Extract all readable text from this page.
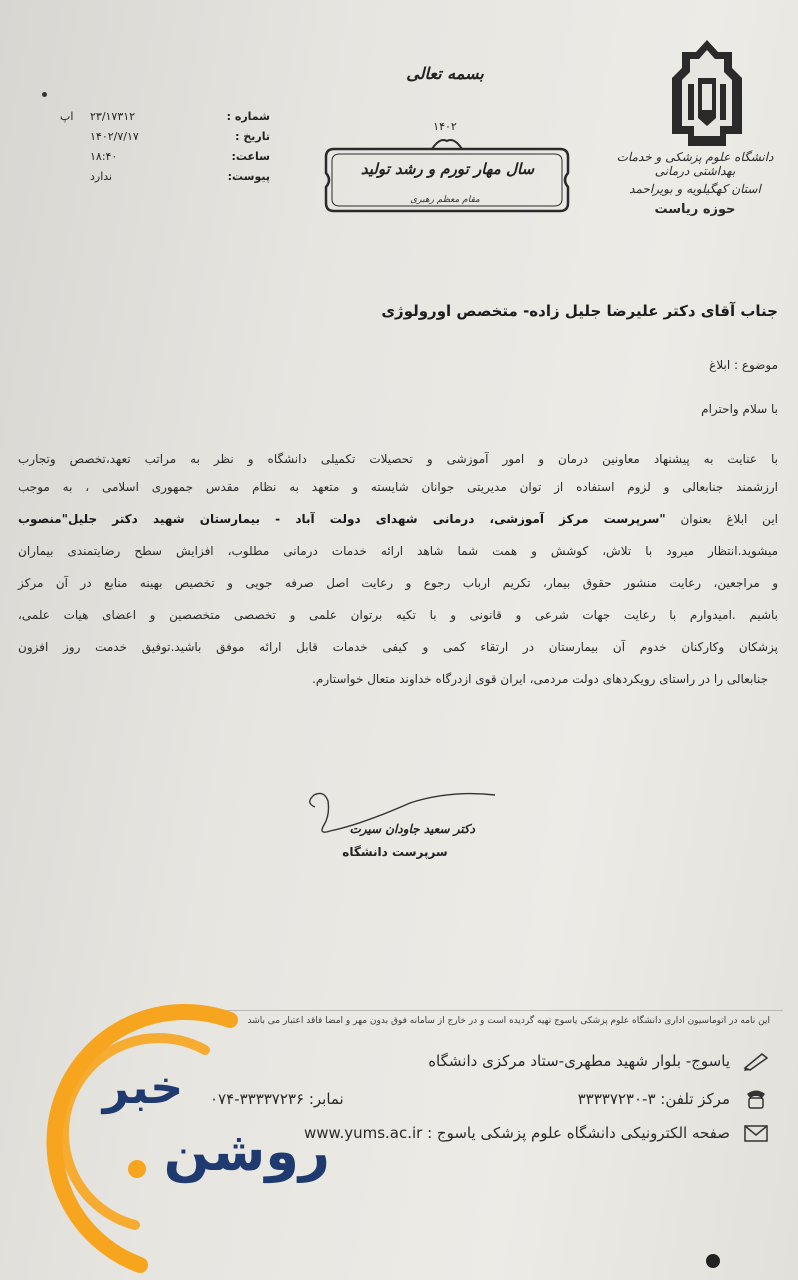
دانشگاه علوم پزشکی و خدمات بهداشتی درمانی
استان کهگیلویه و بویراحمد
حوزه ریاست
بسمه تعالی
۱۴۰۲
سال مهار تورم و رشد تولید
مقام معظم رهبری
شماره :
۲۳/۱۷۳۱۲
اپ
تاریخ :
۱۴۰۲/۷/۱۷
ساعت:
۱۸:۴۰
پیوست:
ندارد
جناب آقای دکتر علیرضا جلیل زاده- متخصص اورولوژی
موضوع : ابلاغ
با سلام واحترام
با عنایت به پیشنهاد معاونین درمان و امور آموزشی و تحصیلات تکمیلی دانشگاه و نظر به مراتب تعهد،تخصص وتجارب
ارزشمند جنابعالی و لزوم استفاده از توان مدیریتی جوانان شایسته و متعهد به نظام مقدس جمهوری اسلامی ، به موجب
این ابلاغ بعنوان "سرپرست مرکز آموزشی، درمانی شهدای دولت آباد - بیمارستان شهید دکتر جلیل"منصوب
میشوید.انتظار میرود با تلاش، کوشش و همت شما شاهد ارائه خدمات درمانی مطلوب، افزایش سطح رضایتمندی بیماران
و مراجعین، رعایت منشور حقوق بیمار، تکریم ارباب رجوع و رعایت اصل صرفه جویی و تخصیص بهینه منابع در آن مرکز
باشیم .امیدوارم با رعایت جهات شرعی و قانونی و با تکیه برتوان علمی و تخصصی متخصصین و اعضای هیات علمی،
پزشکان وکارکنان خدوم آن بیمارستان در ارتقاء کمی و کیفی خدمات قابل ارائه موفق باشید.توفیق خدمت روز افزون
جنابعالی را در راستای رویکردهای دولت مردمی، ایران قوی ازدرگاه خداوند متعال خواستارم.
دکتر سعید جاودان سیرت
سرپرست دانشگاه
این نامه در اتوماسیون اداری دانشگاه علوم پزشکی یاسوج تهیه گردیده است و در خارج از سامانه فوق بدون مهر و امضا فاقد اعتبار می باشد
یاسوج- بلوار شهید مطهری-ستاد مرکزی دانشگاه
مرکز تلفن: ۳-۳۳۳۳۷۲۳۰
نمابر: ۰۷۴-۳۳۳۳۷۲۳۶
صفحه الکترونیکی دانشگاه علوم پزشکی یاسوج : www.yums.ac.ir
خبر
روشن
